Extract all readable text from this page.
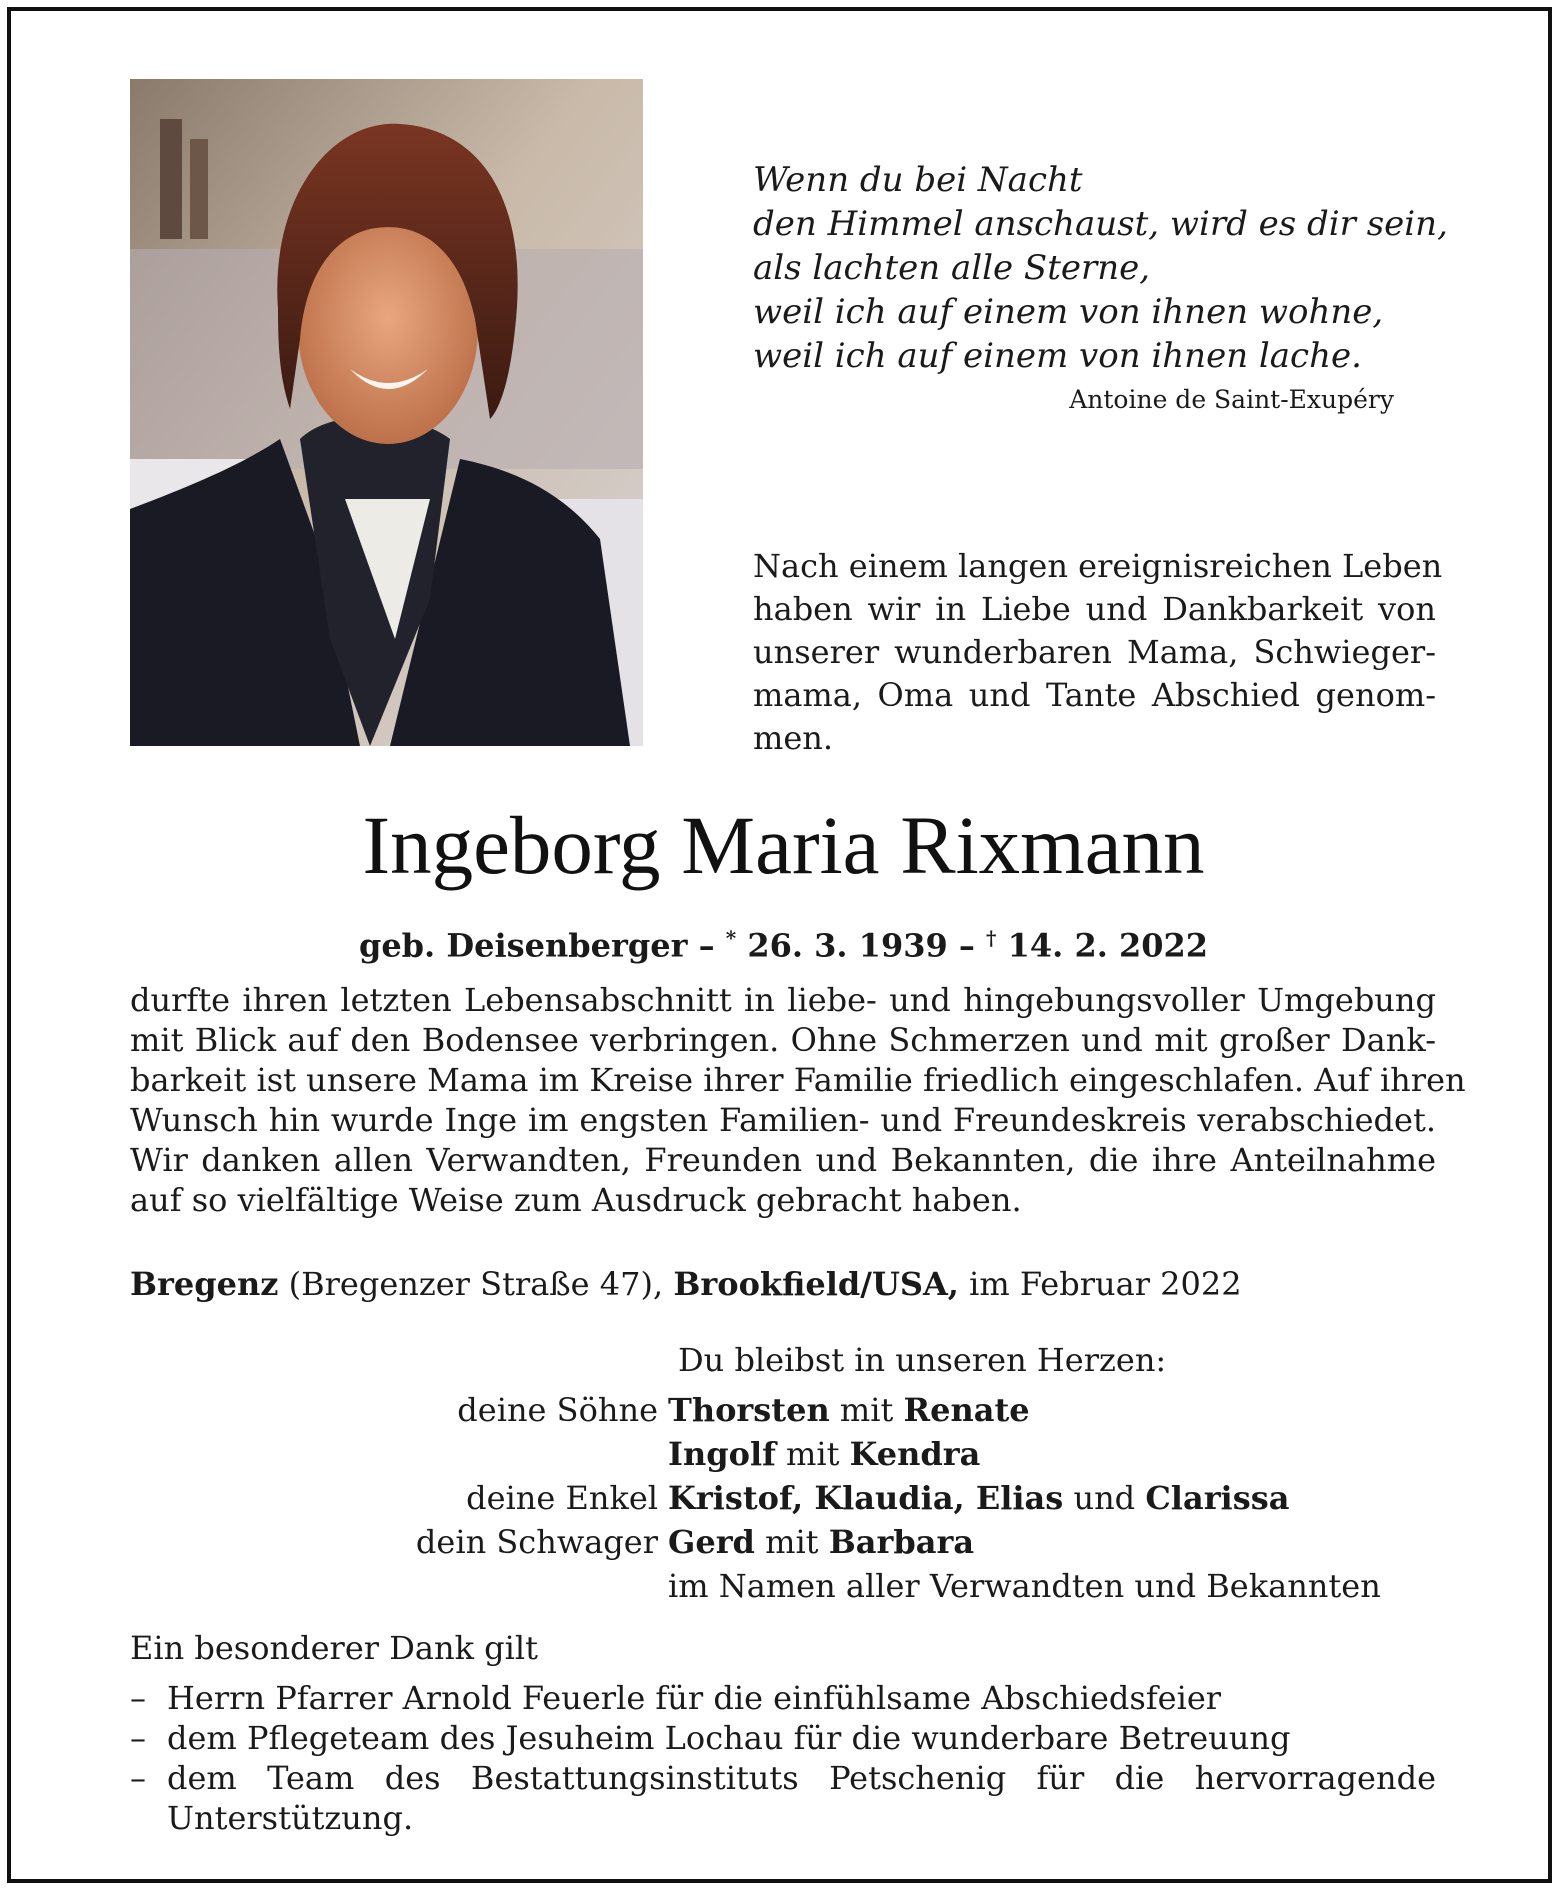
Wenn du bei Nacht
den Himmel anschaust, wird es dir sein,
als lachten alle Sterne,
weil ich auf einem von ihnen wohne,
weil ich auf einem von ihnen lache.
Antoine de Saint-Exupéry
Nach einem langen ereignisreichen Leben
haben wir in Liebe und Dankbarkeit von
unserer wunderbaren Mama, Schwieger-
mama, Oma und Tante Abschied genom-
men.
Ingeborg Maria Rixmann
geb. Deisenberger – * 26. 3. 1939 – † 14. 2. 2022
durfte ihren letzten Lebensabschnitt in liebe- und hingebungsvoller Umgebung
mit Blick auf den Bodensee verbringen. Ohne Schmerzen und mit großer Dank-
barkeit ist unsere Mama im Kreise ihrer Familie friedlich eingeschlafen. Auf ihren
Wunsch hin wurde Inge im engsten Familien- und Freundeskreis verabschiedet.
Wir danken allen Verwandten, Freunden und Bekannten, die ihre Anteilnahme
auf so vielfältige Weise zum Ausdruck gebracht haben.
Bregenz (Bregenzer Straße 47), Brookfield/USA, im Februar 2022
Du bleibst in unseren Herzen:
deine Söhne Thorsten mit Renate
Ingolf mit Kendra
deine Enkel Kristof, Klaudia, Elias und Clarissa
dein Schwager Gerd mit Barbara
im Namen aller Verwandten und Bekannten
Ein besonderer Dank gilt
– Herrn Pfarrer Arnold Feuerle für die einfühlsame Abschiedsfeier
– dem Pflegeteam des Jesuheim Lochau für die wunderbare Betreuung
– dem Team des Bestattungsinstituts Petschenig für die hervorragende
Unterstützung.
